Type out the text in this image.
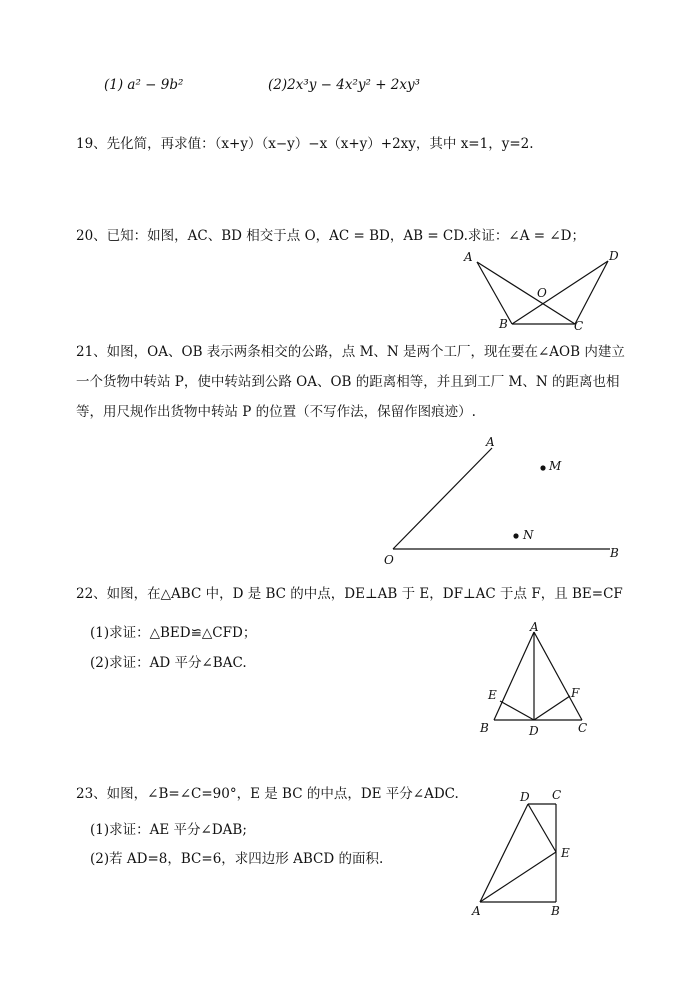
(1) a² − 9b²	(2)2x³y − 4x²y² + 2xy³
19、先化简，再求值：（x+y）（x−y）−x（x+y）+2xy，其中 x=1，y=2.
20、已知：如图，AC、BD 相交于点 O，AC = BD，AB = CD.求证：∠A = ∠D；
A
B	C
D
O
21、如图，OA、OB 表示两条相交的公路，点 M、N 是两个工厂，现在要在∠AOB 内建立
一个货物中转站 P，使中转站到公路 OA、OB 的距离相等，并且到工厂 M、N 的距离也相
等，用尺规作出货物中转站 P 的位置（不写作法，保留作图痕迹）.
A
O	B
M
N
22、如图，在△ABC 中，D 是 BC 的中点，DE⊥AB 于 E，DF⊥AC 于点 F，且 BE=CF
(1)求证：△BED≌△CFD；
(2)求证：AD 平分∠BAC.
A
B	C
D
E	F
23、如图，∠B=∠C=90°，E 是 BC 的中点，DE 平分∠ADC.
(1)求证：AE 平分∠DAB;
(2)若 AD=8，BC=6，求四边形 ABCD 的面积.
A	B
C
D
E
